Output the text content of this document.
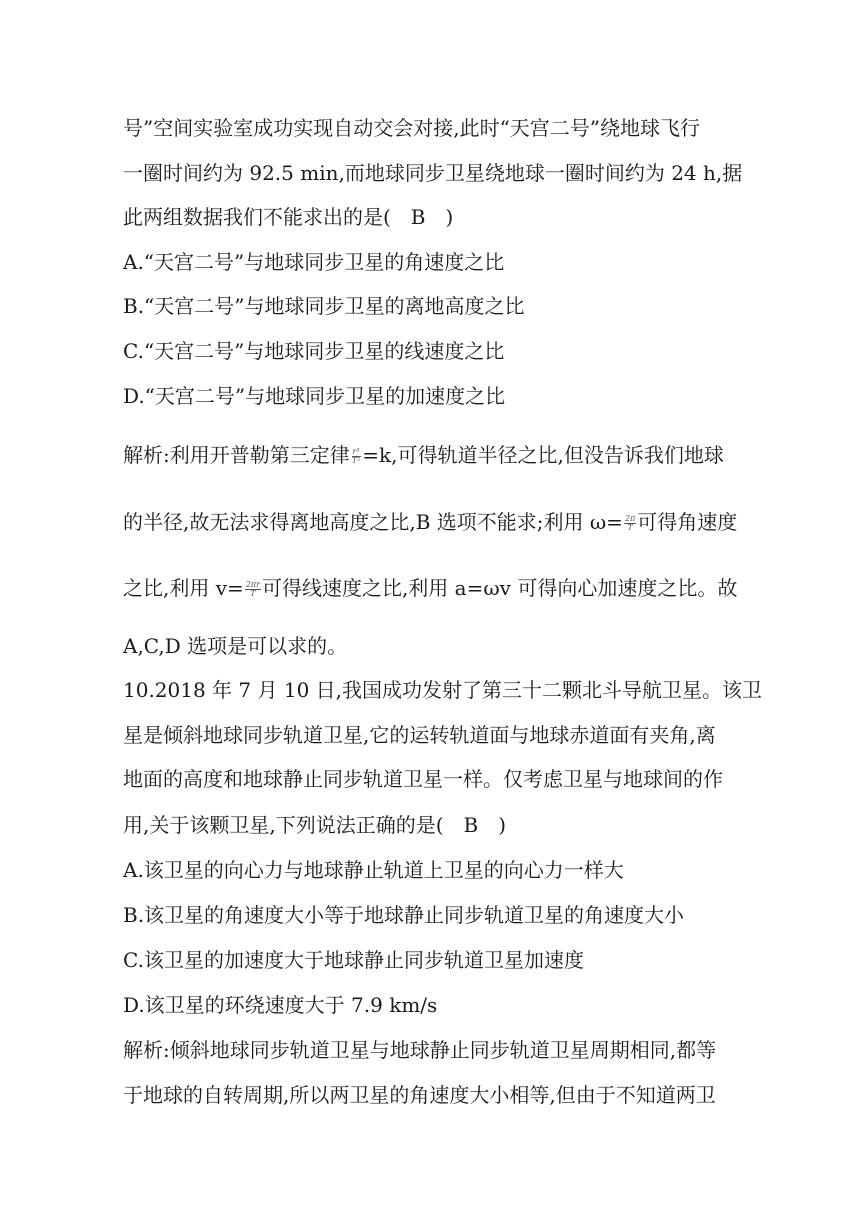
号”空间实验室成功实现自动交会对接,此时“天宫二号”绕地球飞行
一圈时间约为 92.5 min,而地球同步卫星绕地球一圈时间约为 24 h,据
此两组数据我们不能求出的是(　B　)
A.“天宫二号”与地球同步卫星的角速度之比
B.“天宫二号”与地球同步卫星的离地高度之比
C.“天宫二号”与地球同步卫星的线速度之比
D.“天宫二号”与地球同步卫星的加速度之比
解析:利用开普勒第三定律 $\frac{\text{r³}}{\text{T²}} =k$,可得轨道半径之比,但没告诉我们地球
的半径,故无法求得离地高度之比,B 选项不能求;利用 $\omega= \frac{2\pi}{T}$ 可得角速度
之比,利用 $v= \frac{2\pi r}{T}$ 可得线速度之比,利用 a=ωv 可得向心加速度之比。故
A,C,D 选项是可以求的。
10.2018 年 7 月 10 日,我国成功发射了第三十二颗北斗导航卫星。该卫
星是倾斜地球同步轨道卫星,它的运转轨道面与地球赤道面有夹角,离
地面的高度和地球静止同步轨道卫星一样。仅考虑卫星与地球间的作
用,关于该颗卫星,下列说法正确的是(　B　)
A.该卫星的向心力与地球静止轨道上卫星的向心力一样大
B.该卫星的角速度大小等于地球静止同步轨道卫星的角速度大小
C.该卫星的加速度大于地球静止同步轨道卫星加速度
D.该卫星的环绕速度大于 7.9 km/s
解析:倾斜地球同步轨道卫星与地球静止同步轨道卫星周期相同,都等
于地球的自转周期,所以两卫星的角速度大小相等,但由于不知道两卫
